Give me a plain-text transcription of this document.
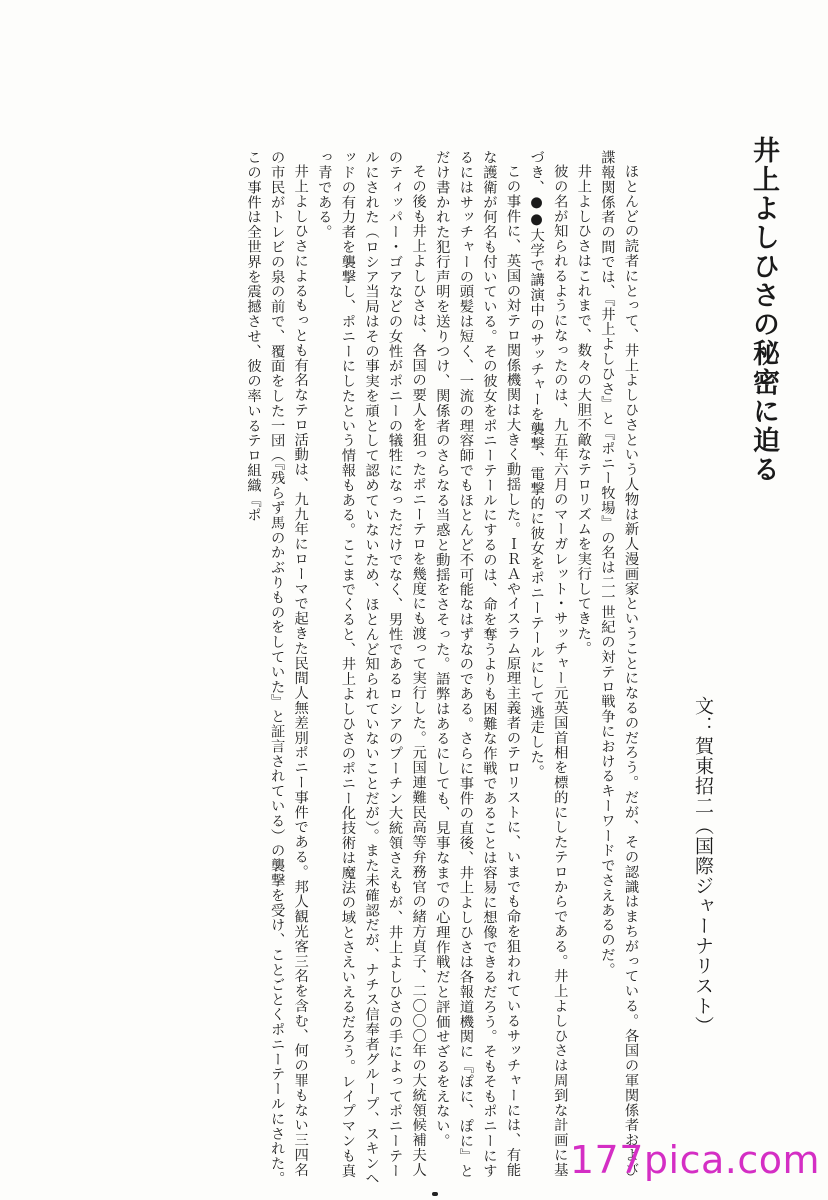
井上よしひさの秘密に迫る
文：賀東招二（国際ジャーナリスト）

ほとんどの読者にとって、井上よしひさという人物は新人漫画家ということになるのだろう。だが、その認識はまちがっている。各国の軍関係者および諜報関係者の間では、『井上よしひさ』と『ポニー牧場』の名は二一世紀の対テロ戦争におけるキーワードでさえあるのだ。

井上よしひさはこれまで、数々の大胆不敵なテロリズムを実行してきた。

彼の名が知られるようになったのは、九五年六月のマーガレット・サッチャー元英国首相を標的にしたテロからである。井上よしひさは周到な計画に基づき、●●大学で講演中のサッチャーを襲撃、電撃的に彼女をポニーテールにして逃走した。

この事件に、英国の対テロ関係機関は大きく動揺した。ＩＲＡやイスラム原理主義者のテロリストに、いまでも命を狙われているサッチャーには、有能な護衛が何名も付いている。その彼女をポニーテールにするのは、命を奪うよりも困難な作戦であることは容易に想像できるだろう。そもそもポニーにするにはサッチャーの頭髪は短く、一流の理容師でもほとんど不可能なはずなのである。さらに事件の直後、井上よしひさは各報道機関に『ぽに、ぽに』とだけ書かれた犯行声明を送りつけ、関係者のさらなる当惑と動揺をさそった。語弊はあるにしても、見事なまでの心理作戦だと評価せざるをえない。

その後も井上よしひさは、各国の要人を狙ったポニーテロを幾度にも渡って実行した。元国連難民高等弁務官の緒方貞子、二〇〇〇年の大統領候補夫人のティッパー・ゴアなどの女性がポニーの犠牲になっただけでなく、男性であるロシアのプーチン大統領さえもが、井上よしひさの手によってポニーテールにされた（ロシア当局はその事実を頑として認めていないため、ほとんど知られていないことだが）。また未確認だが、ナチス信奉者グループ、スキンヘッドの有力者を襲撃し、ポニーにしたという情報もある。ここまでくると、井上よしひさのポニー化技術は魔法の域とさえいえるだろう。レイプマンも真っ青である。

井上よしひさによるもっとも有名なテロ活動は、九九年にローマで起きた民間人無差別ポニー事件である。邦人観光客三名を含む、何の罪もない三四名の市民がトレビの泉の前で、覆面をした一団（『残らず馬のかぶりものをしていた』と証言されている）の襲撃を受け、ことごとくポニーテールにされた。この事件は全世界を震撼させ、彼の率いるテロ組織『ポ

177pica.com
